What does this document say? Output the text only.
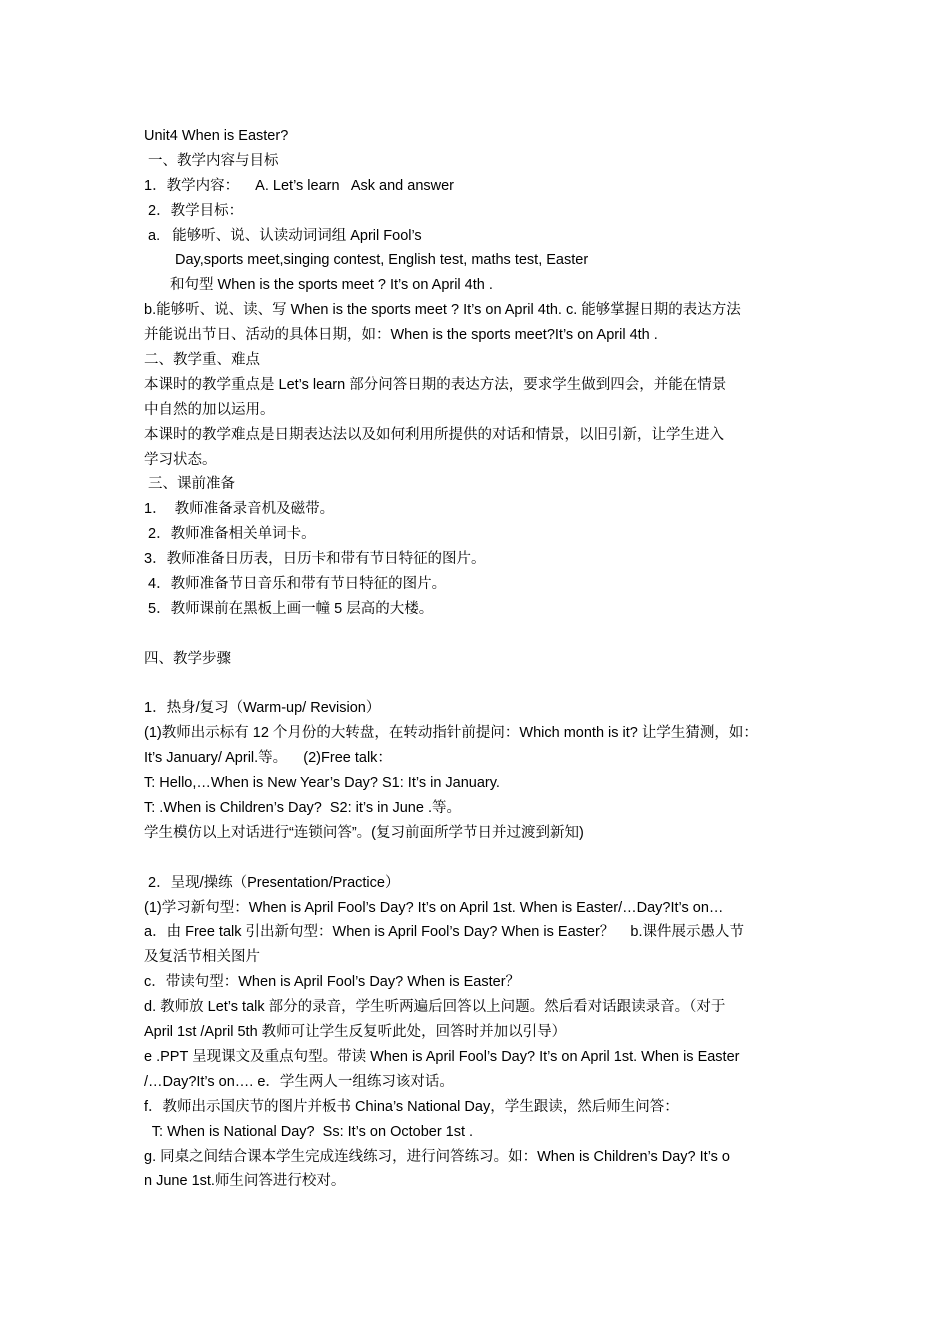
Unit4 When is Easter?
一、教学内容与目标
1．教学内容：    A. Let’s learn   Ask and answer
2．教学目标：
a.   能够听、说、认读动词词组 April Fool’s
Day,sports meet,singing contest, English test, maths test, Easter
和句型 When is the sports meet ? It’s on April 4th .
b.能够听、说、读、写 When is the sports meet ? It’s on April 4th. c. 能够掌握日期的表达方法
并能说出节日、活动的具体日期，如：When is the sports meet?It’s on April 4th .
二、教学重、难点
本课时的教学重点是 Let’s learn 部分问答日期的表达方法，要求学生做到四会，并能在情景
中自然的加以运用。
本课时的教学难点是日期表达法以及如何利用所提供的对话和情景，以旧引新，让学生进入
学习状态。
三、课前准备
1．  教师准备录音机及磁带。
2．教师准备相关单词卡。
3．教师准备日历表，日历卡和带有节日特征的图片。
4．教师准备节日音乐和带有节日特征的图片。
5．教师课前在黑板上画一幢 5 层高的大楼。
四、教学步骤
1．热身/复习（Warm-up/ Revision）
(1)教师出示标有 12 个月份的大转盘，在转动指针前提问：Which month is it? 让学生猜测，如：
It’s January/ April.等。    (2)Free talk：
T: Hello,…When is New Year’s Day? S1: It’s in January.
T: .When is Children’s Day?  S2: it’s in June .等。
学生模仿以上对话进行“连锁问答”。(复习前面所学节日并过渡到新知)
2．呈现/操练（Presentation/Practice）
(1)学习新句型：When is April Fool’s Day? It’s on April 1st. When is Easter/…Day?It’s on…
a．由 Free talk 引出新句型：When is April Fool’s Day? When is Easter？    b.课件展示愚人节
及复活节相关图片
c．带读句型：When is April Fool’s Day? When is Easter？
d. 教师放 Let’s talk 部分的录音，学生听两遍后回答以上问题。然后看对话跟读录音。（对于
April 1st /April 5th 教师可让学生反复听此处，回答时并加以引导）
e .PPT 呈现课文及重点句型。带读 When is April Fool’s Day? It’s on April 1st. When is Easter
/…Day?It’s on…. e．学生两人一组练习该对话。
f．教师出示国庆节的图片并板书 China’s National Day，学生跟读，然后师生问答：
T: When is National Day?  Ss: It’s on October 1st .
g. 同桌之间结合课本学生完成连线练习，进行问答练习。如：When is Children’s Day? It’s o
n June 1st.师生问答进行校对。
